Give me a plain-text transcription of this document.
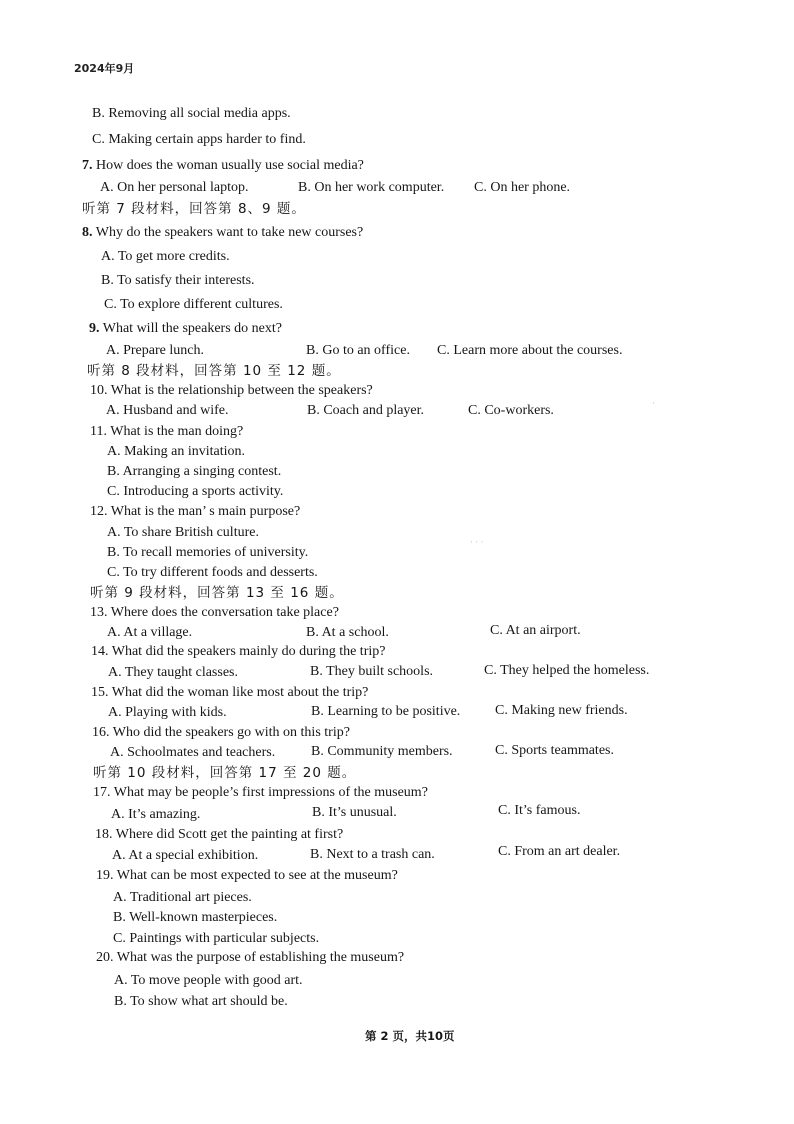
2024年9月
B. Removing all social media apps.
C. Making certain apps harder to find.
7. How does the woman usually use social media?
A. On her personal laptop.	B. On her work computer. C. On her phone.
听第 7 段材料，回答第 8、9 题。
8. Why do the speakers want to take new courses?
A. To get more credits.
B. To satisfy their interests.
C. To explore different cultures.
9. What will the speakers do next?
A. Prepare lunch.	B. Go to an office. C. Learn more about the courses.
听第 8 段材料，回答第 10 至 12 题。
10. What is the relationship between the speakers?
A. Husband and wife.	B. Coach and player.	C. Co-workers.
11. What is the man doing?
A. Making an invitation.
B. Arranging a singing contest.
C. Introducing a sports activity.
12. What is the man’ s main purpose?
A. To share British culture.
B. To recall memories of university.
C. To try different foods and desserts.
听第 9 段材料，回答第 13 至 16 题。
13. Where does the conversation take place?
A. At a village.	B. At a school.	C. At an airport.
14. What did the speakers mainly do during the trip?
A. They taught classes.	B. They built schools.	C. They helped the homeless.
15. What did the woman like most about the trip?
A. Playing with kids.	B. Learning to be positive. C. Making new friends.
16. Who did the speakers go with on this trip?
A. Schoolmates and teachers.	B. Community members.	C. Sports teammates.
听第 10 段材料，回答第 17 至 20 题。
17. What may be people’s first impressions of the museum?
A. It’s amazing.	B. It’s unusual.	C. It’s famous.
18. Where did Scott get the painting at first?
A. At a special exhibition.	B. Next to a trash can.	C. From an art dealer.
19. What can be most expected to see at the museum?
A. Traditional art pieces.
B. Well-known masterpieces.
C. Paintings with particular subjects.
20. What was the purpose of establishing the museum?
A. To move people with good art.
B. To show what art should be.
第 2 页，共10页
· · ·
·
